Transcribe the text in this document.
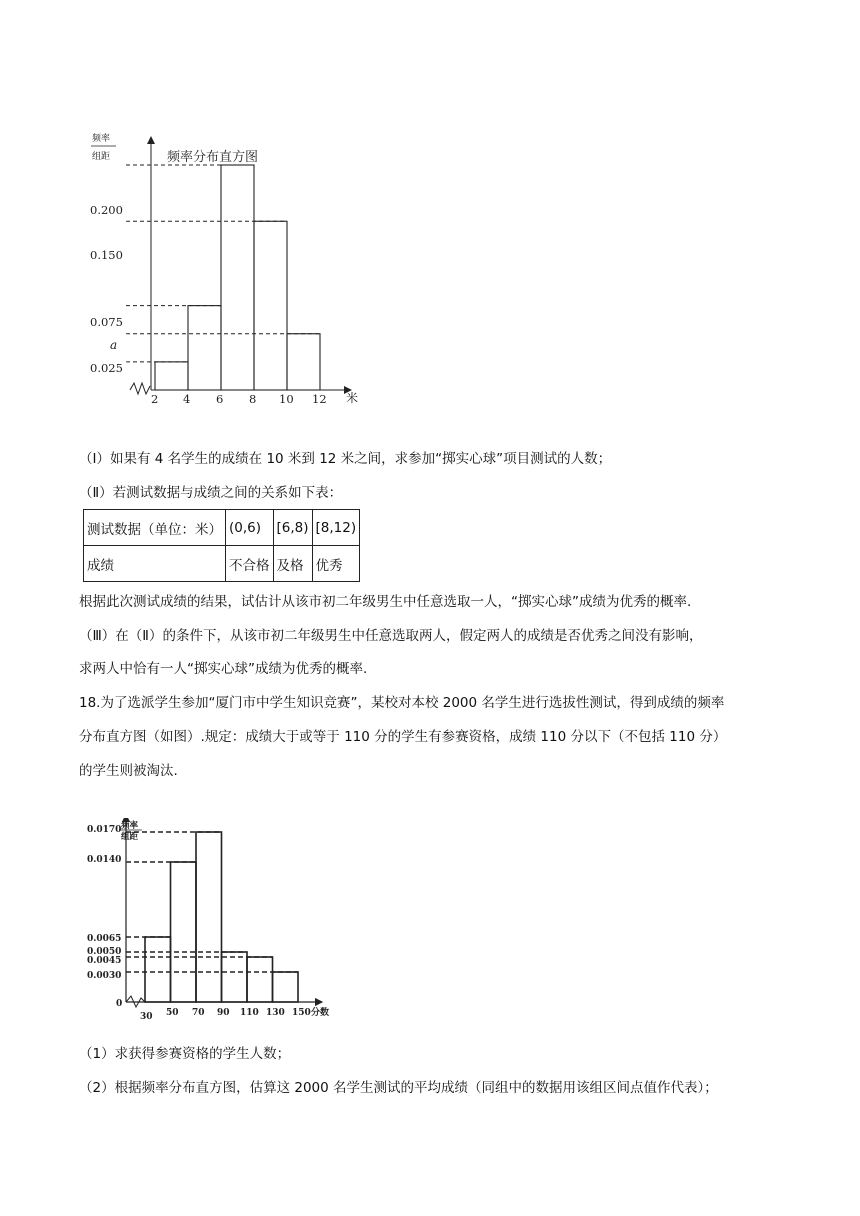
频率
组距	频率分布直方图
0.200
0.150
0.075
a
0.025
2 4 6 8 10 12 米
（Ⅰ）如果有 4 名学生的成绩在 10 米到 12 米之间，求参加“掷实心球”项目测试的人数；
（Ⅱ）若测试数据与成绩之间的关系如下表：
测试数据（单位：米）	(0,6)	[6,8)	[8,12)
成绩	不合格	及格	优秀
根据此次测试成绩的结果，试估计从该市初二年级男生中任意选取一人，“掷实心球”成绩为优秀的概率.
（Ⅲ）在（Ⅱ）的条件下，从该市初二年级男生中任意选取两人，假定两人的成绩是否优秀之间没有影响，
求两人中恰有一人“掷实心球”成绩为优秀的概率.
18.为了选派学生参加“厦门市中学生知识竞赛”，某校对本校 2000 名学生进行选拔性测试，得到成绩的频率
分布直方图（如图）.规定：成绩大于或等于 110 分的学生有参赛资格，成绩 110 分以下（不包括 110 分）
的学生则被淘汰.
频率
组距
0.0170
0.0140
0.0065
0.0050
0.0045
0.0030
0
30 50 70 90 110 130 150 分数
（1）求获得参赛资格的学生人数；
（2）根据频率分布直方图，估算这 2000 名学生测试的平均成绩（同组中的数据用该组区间点值作代表）；
